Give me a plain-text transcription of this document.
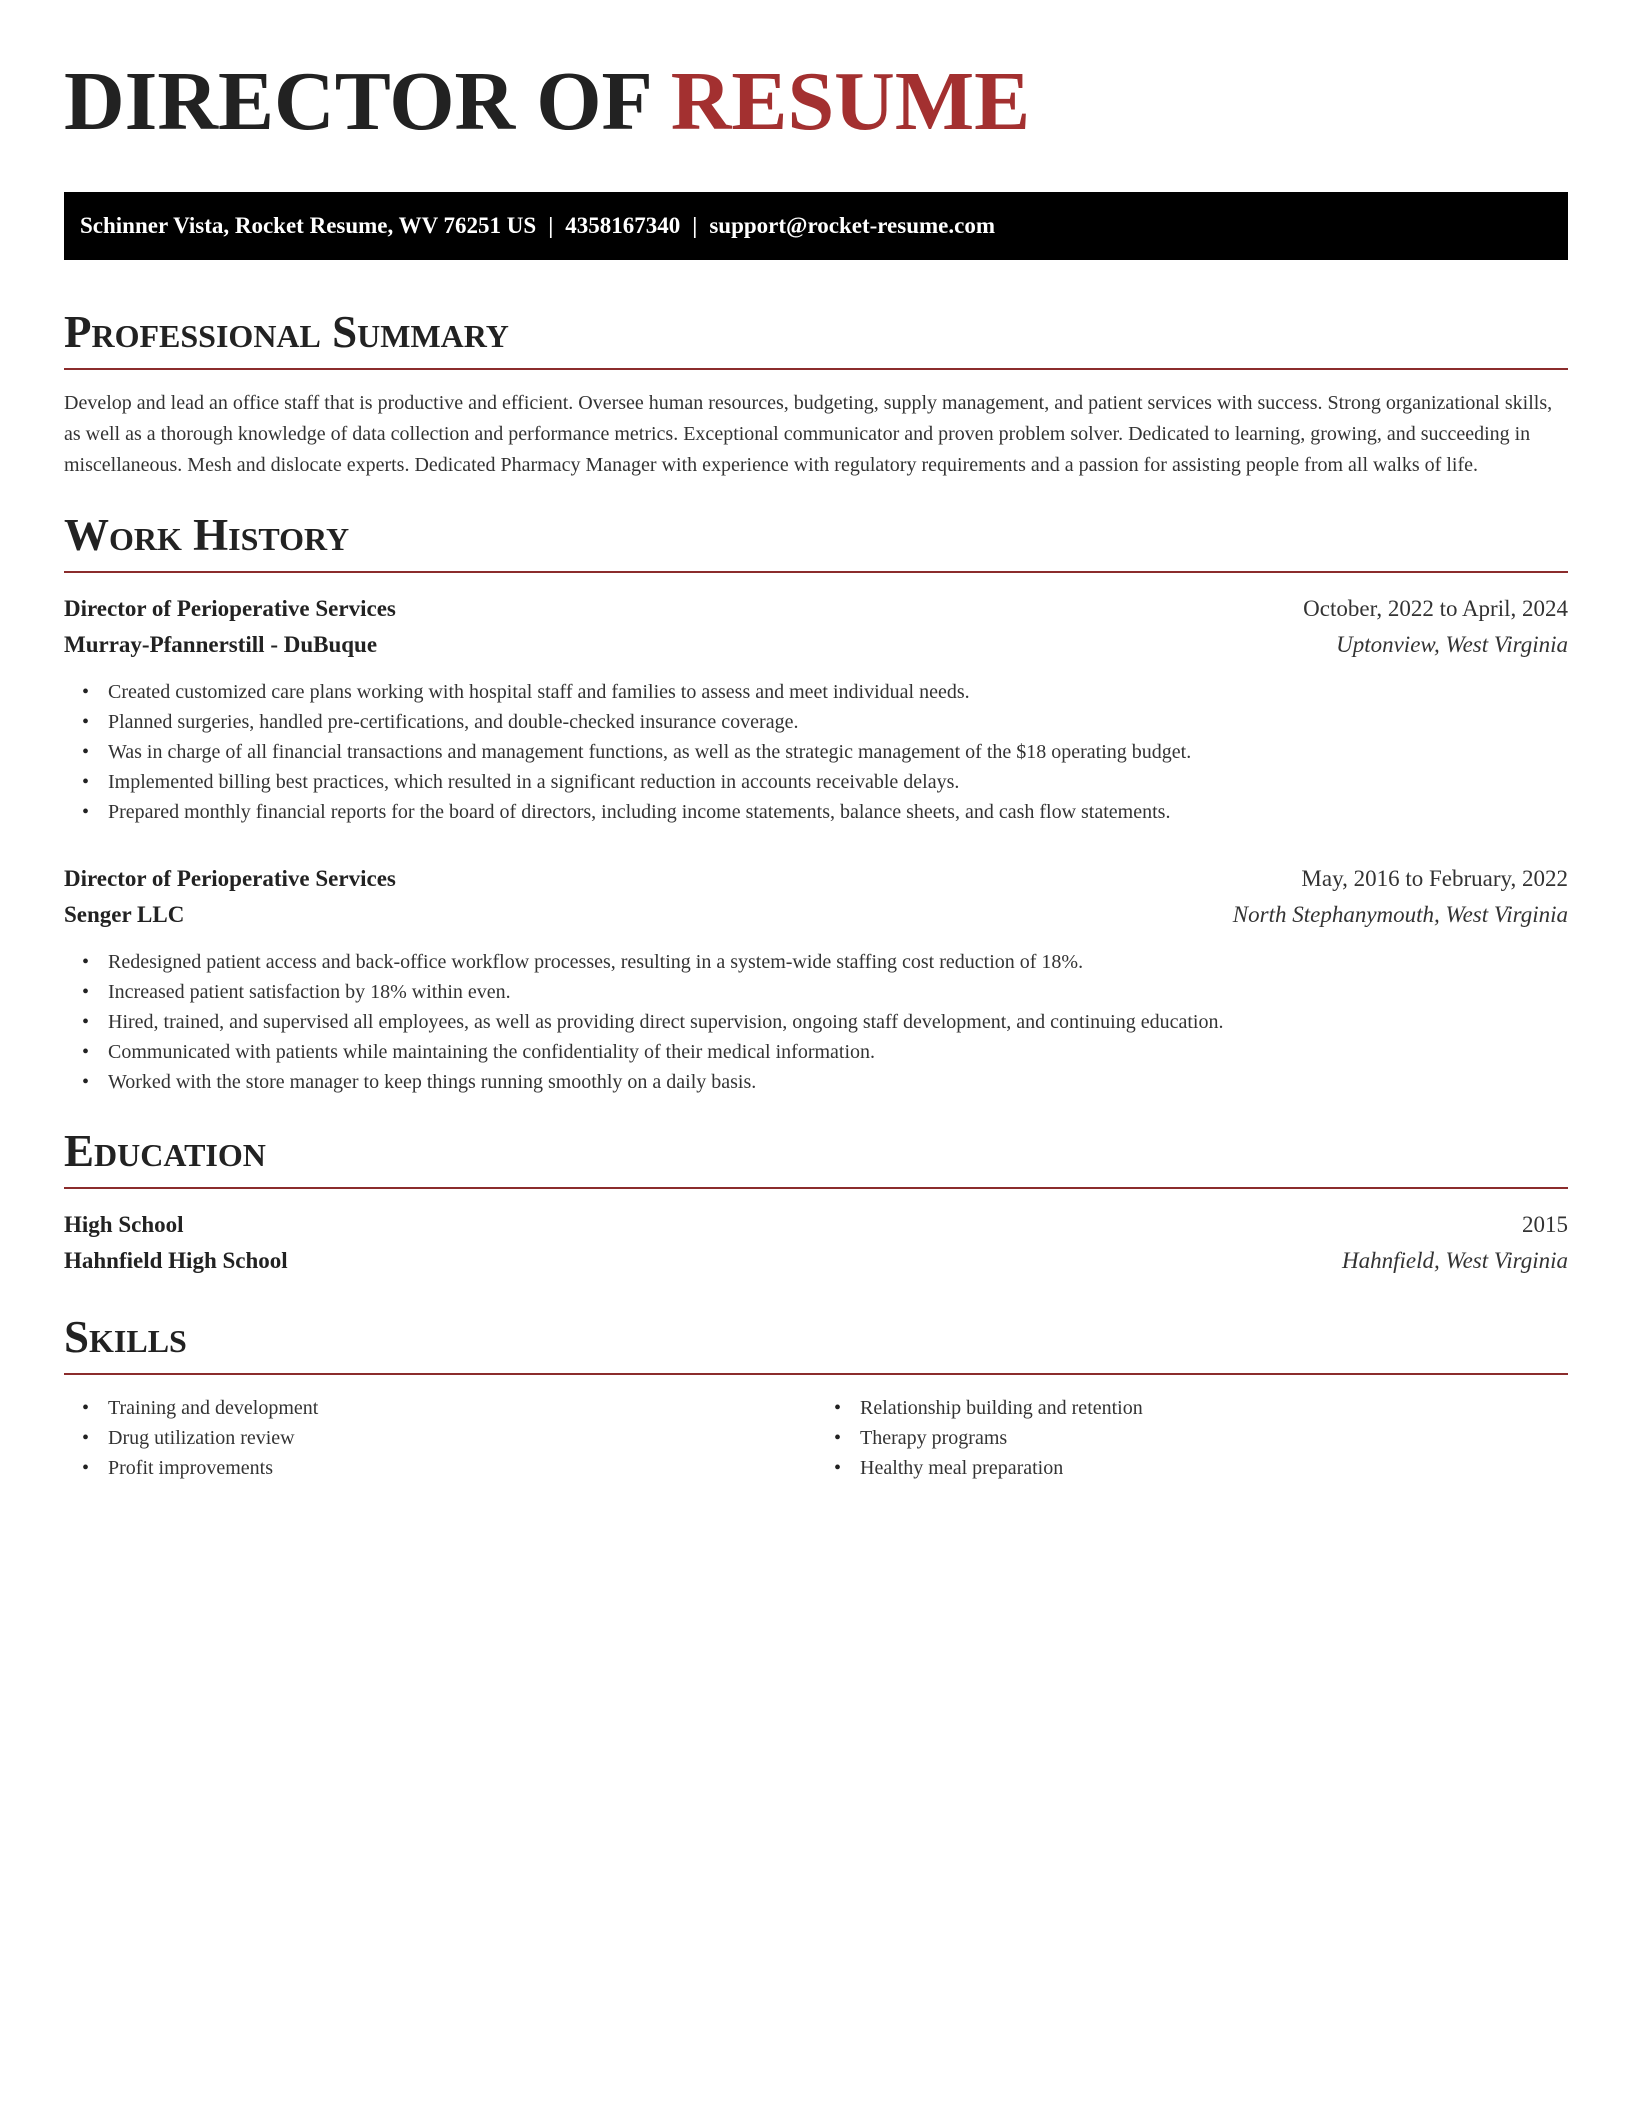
DIRECTOR OF RESUME
Schinner Vista, Rocket Resume, WV 76251 US | 4358167340 | support@rocket-resume.com
Professional Summary

Develop and lead an office staff that is productive and efficient. Oversee human resources, budgeting, supply management, and patient services with success. Strong organizational skills, as well as a thorough knowledge of data collection and performance metrics. Exceptional communicator and proven problem solver. Dedicated to learning, growing, and succeeding in miscellaneous. Mesh and dislocate experts. Dedicated Pharmacy Manager with experience with regulatory requirements and a passion for assisting people from all walks of life.

Work History
Director of Perioperative Services	October, 2022 to April, 2024
Murray-Pfannerstill - DuBuque	Uptonview, West Virginia
• Created customized care plans working with hospital staff and families to assess and meet individual needs.
• Planned surgeries, handled pre-certifications, and double-checked insurance coverage.
• Was in charge of all financial transactions and management functions, as well as the strategic management of the $18 operating budget.
• Implemented billing best practices, which resulted in a significant reduction in accounts receivable delays.
• Prepared monthly financial reports for the board of directors, including income statements, balance sheets, and cash flow statements.
Director of Perioperative Services	May, 2016 to February, 2022
Senger LLC	North Stephanymouth, West Virginia
• Redesigned patient access and back-office workflow processes, resulting in a system-wide staffing cost reduction of 18%.
• Increased patient satisfaction by 18% within even.
• Hired, trained, and supervised all employees, as well as providing direct supervision, ongoing staff development, and continuing education.
• Communicated with patients while maintaining the confidentiality of their medical information.
• Worked with the store manager to keep things running smoothly on a daily basis.
Education
High School	2015
Hahnfield High School	Hahnfield, West Virginia
Skills
• Training and development
• Drug utilization review
• Profit improvements
• Relationship building and retention
• Therapy programs
• Healthy meal preparation
